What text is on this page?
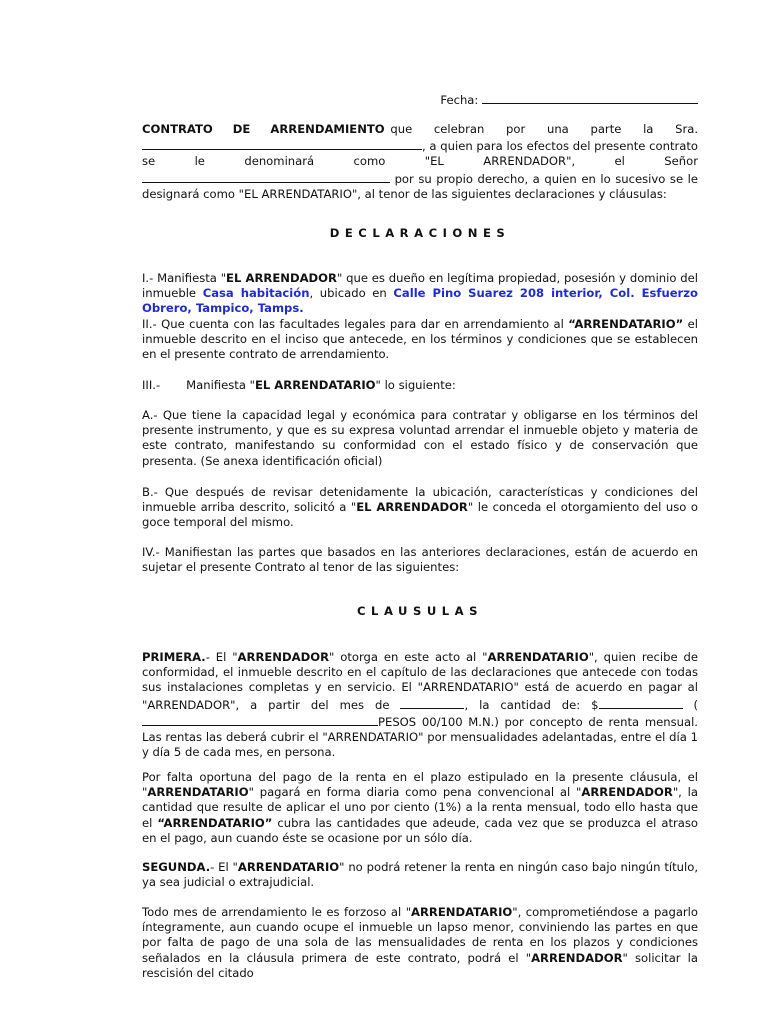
Fecha:

CONTRATO DE ARRENDAMIENTO que celebran por una parte la Sra.

, a quien para los efectos del presente contrato se le denominará como "EL ARRENDADOR", el Señor  por su propio derecho, a quien en lo sucesivo se le designará como "EL ARRENDATARIO", al tenor de las siguientes declaraciones y cláusulas:

DECLARACIONES

I.- Manifiesta "EL ARRENDADOR" que es dueño en legítima propiedad, posesión y dominio del inmueble Casa habitación, ubicado en Calle Pino Suarez 208 interior, Col. Esfuerzo Obrero, Tampico, Tamps.

II.- Que cuenta con las facultades legales para dar en arrendamiento al “ARRENDATARIO” el inmueble descrito en el inciso que antecede, en los términos y condiciones que se establecen en el presente contrato de arrendamiento.

III.- Manifiesta "EL ARRENDATARIO" lo siguiente:

A.- Que tiene la capacidad legal y económica para contratar y obligarse en los términos del presente instrumento, y que es su expresa voluntad arrendar el inmueble objeto y materia de este contrato, manifestando su conformidad con el estado físico y de conservación que presenta. (Se anexa identificación oficial)

B.- Que después de revisar detenidamente la ubicación, características y condiciones del inmueble arriba descrito, solicitó a "EL ARRENDADOR" le conceda el otorgamiento del uso o goce temporal del mismo.

IV.- Manifiestan las partes que basados en las anteriores declaraciones, están de acuerdo en sujetar el presente Contrato al tenor de las siguientes:

CLAUSULAS

PRIMERA.- El "ARRENDADOR" otorga en este acto al "ARRENDATARIO", quien recibe de conformidad, el inmueble descrito en el capítulo de las declaraciones que antecede con todas sus instalaciones completas y en servicio. El "ARRENDATARIO" está de acuerdo en pagar al "ARRENDADOR", a partir del mes de	, la cantidad de: $	(PESOS 00/100 M.N.) por concepto de renta mensual. Las rentas las deberá cubrir el "ARRENDATARIO" por mensualidades adelantadas, entre el día 1 y día 5 de cada mes, en persona.

Por falta oportuna del pago de la renta en el plazo estipulado en la presente cláusula, el "ARRENDATARIO" pagará en forma diaria como pena convencional al "ARRENDADOR", la cantidad que resulte de aplicar el uno por ciento (1%) a la renta mensual, todo ello hasta que el “ARRENDATARIO” cubra las cantidades que adeude, cada vez que se produzca el atraso en el pago, aun cuando éste se ocasione por un sólo día.

SEGUNDA.- El "ARRENDATARIO" no podrá retener la renta en ningún caso bajo ningún título, ya sea judicial o extrajudicial.

Todo mes de arrendamiento le es forzoso al "ARRENDATARIO", comprometiéndose a pagarlo íntegramente, aun cuando ocupe el inmueble un lapso menor, conviniendo las partes en que por falta de pago de una sola de las mensualidades de renta en los plazos y condiciones señalados en la cláusula primera de este contrato, podrá el "ARRENDADOR" solicitar la rescisión del citado
